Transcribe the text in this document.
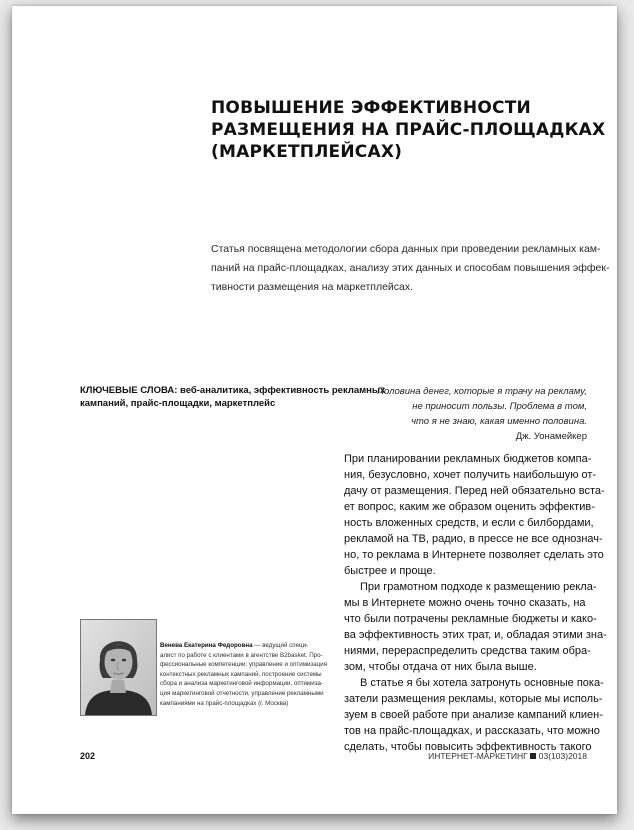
ПОВЫШЕНИЕ ЭФФЕКТИВНОСТИ
РАЗМЕЩЕНИЯ НА ПРАЙС-ПЛОЩАДКАХ
(МАРКЕТПЛЕЙСАХ)
Статья посвящена методологии сбора данных при проведении рекламных кам-
паний на прайс-площадках, анализу этих данных и способам повышения эффек-
тивности размещения на маркетплейсах.
КЛЮЧЕВЫЕ СЛОВА: веб-аналитика, эффективность рекламных
кампаний, прайс-площадки, маркетплейс
Половина денег, которые я трачу на рекламу,
не приносит пользы. Проблема в том,
что я не знаю, какая именно половина.
Дж. Уонамейкер
При планировании рекламных бюджетов компа-
ния, безусловно, хочет получить наибольшую от-
дачу от размещения. Перед ней обязательно вста-
ет вопрос, каким же образом оценить эффектив-
ность вложенных средств, и если с билбордами,
рекламой на ТВ, радио, в прессе не все однознач-
но, то реклама в Интернете позволяет сделать это
быстрее и проще.
При грамотном подходе к размещению рекла-
мы в Интернете можно очень точно сказать, на
что были потрачены рекламные бюджеты и како-
ва эффективность этих трат, и, обладая этими зна-
ниями, перераспределить средства таким обра-
зом, чтобы отдача от них была выше.
В статье я бы хотела затронуть основные пока-
затели размещения рекламы, которые мы исполь-
зуем в своей работе при анализе кампаний клиен-
тов на прайс-площадках, и рассказать, что можно
сделать, чтобы повысить эффективность такого
Венева Екатерина Федоровна — ведущий специ-
алист по работе с клиентами в агентстве B2basket. Про-
фессиональные компетенции: управление и оптимизация
контекстных рекламных кампаний, построение системы
сбора и анализа маркетинговой информации, оптимиза-
ция маркетинговой отчетности, управление рекламными
кампаниями на прайс-площадках (г. Москва)
202	ИНТЕРНЕТ-МАРКЕТИНГ 03(103)2018
